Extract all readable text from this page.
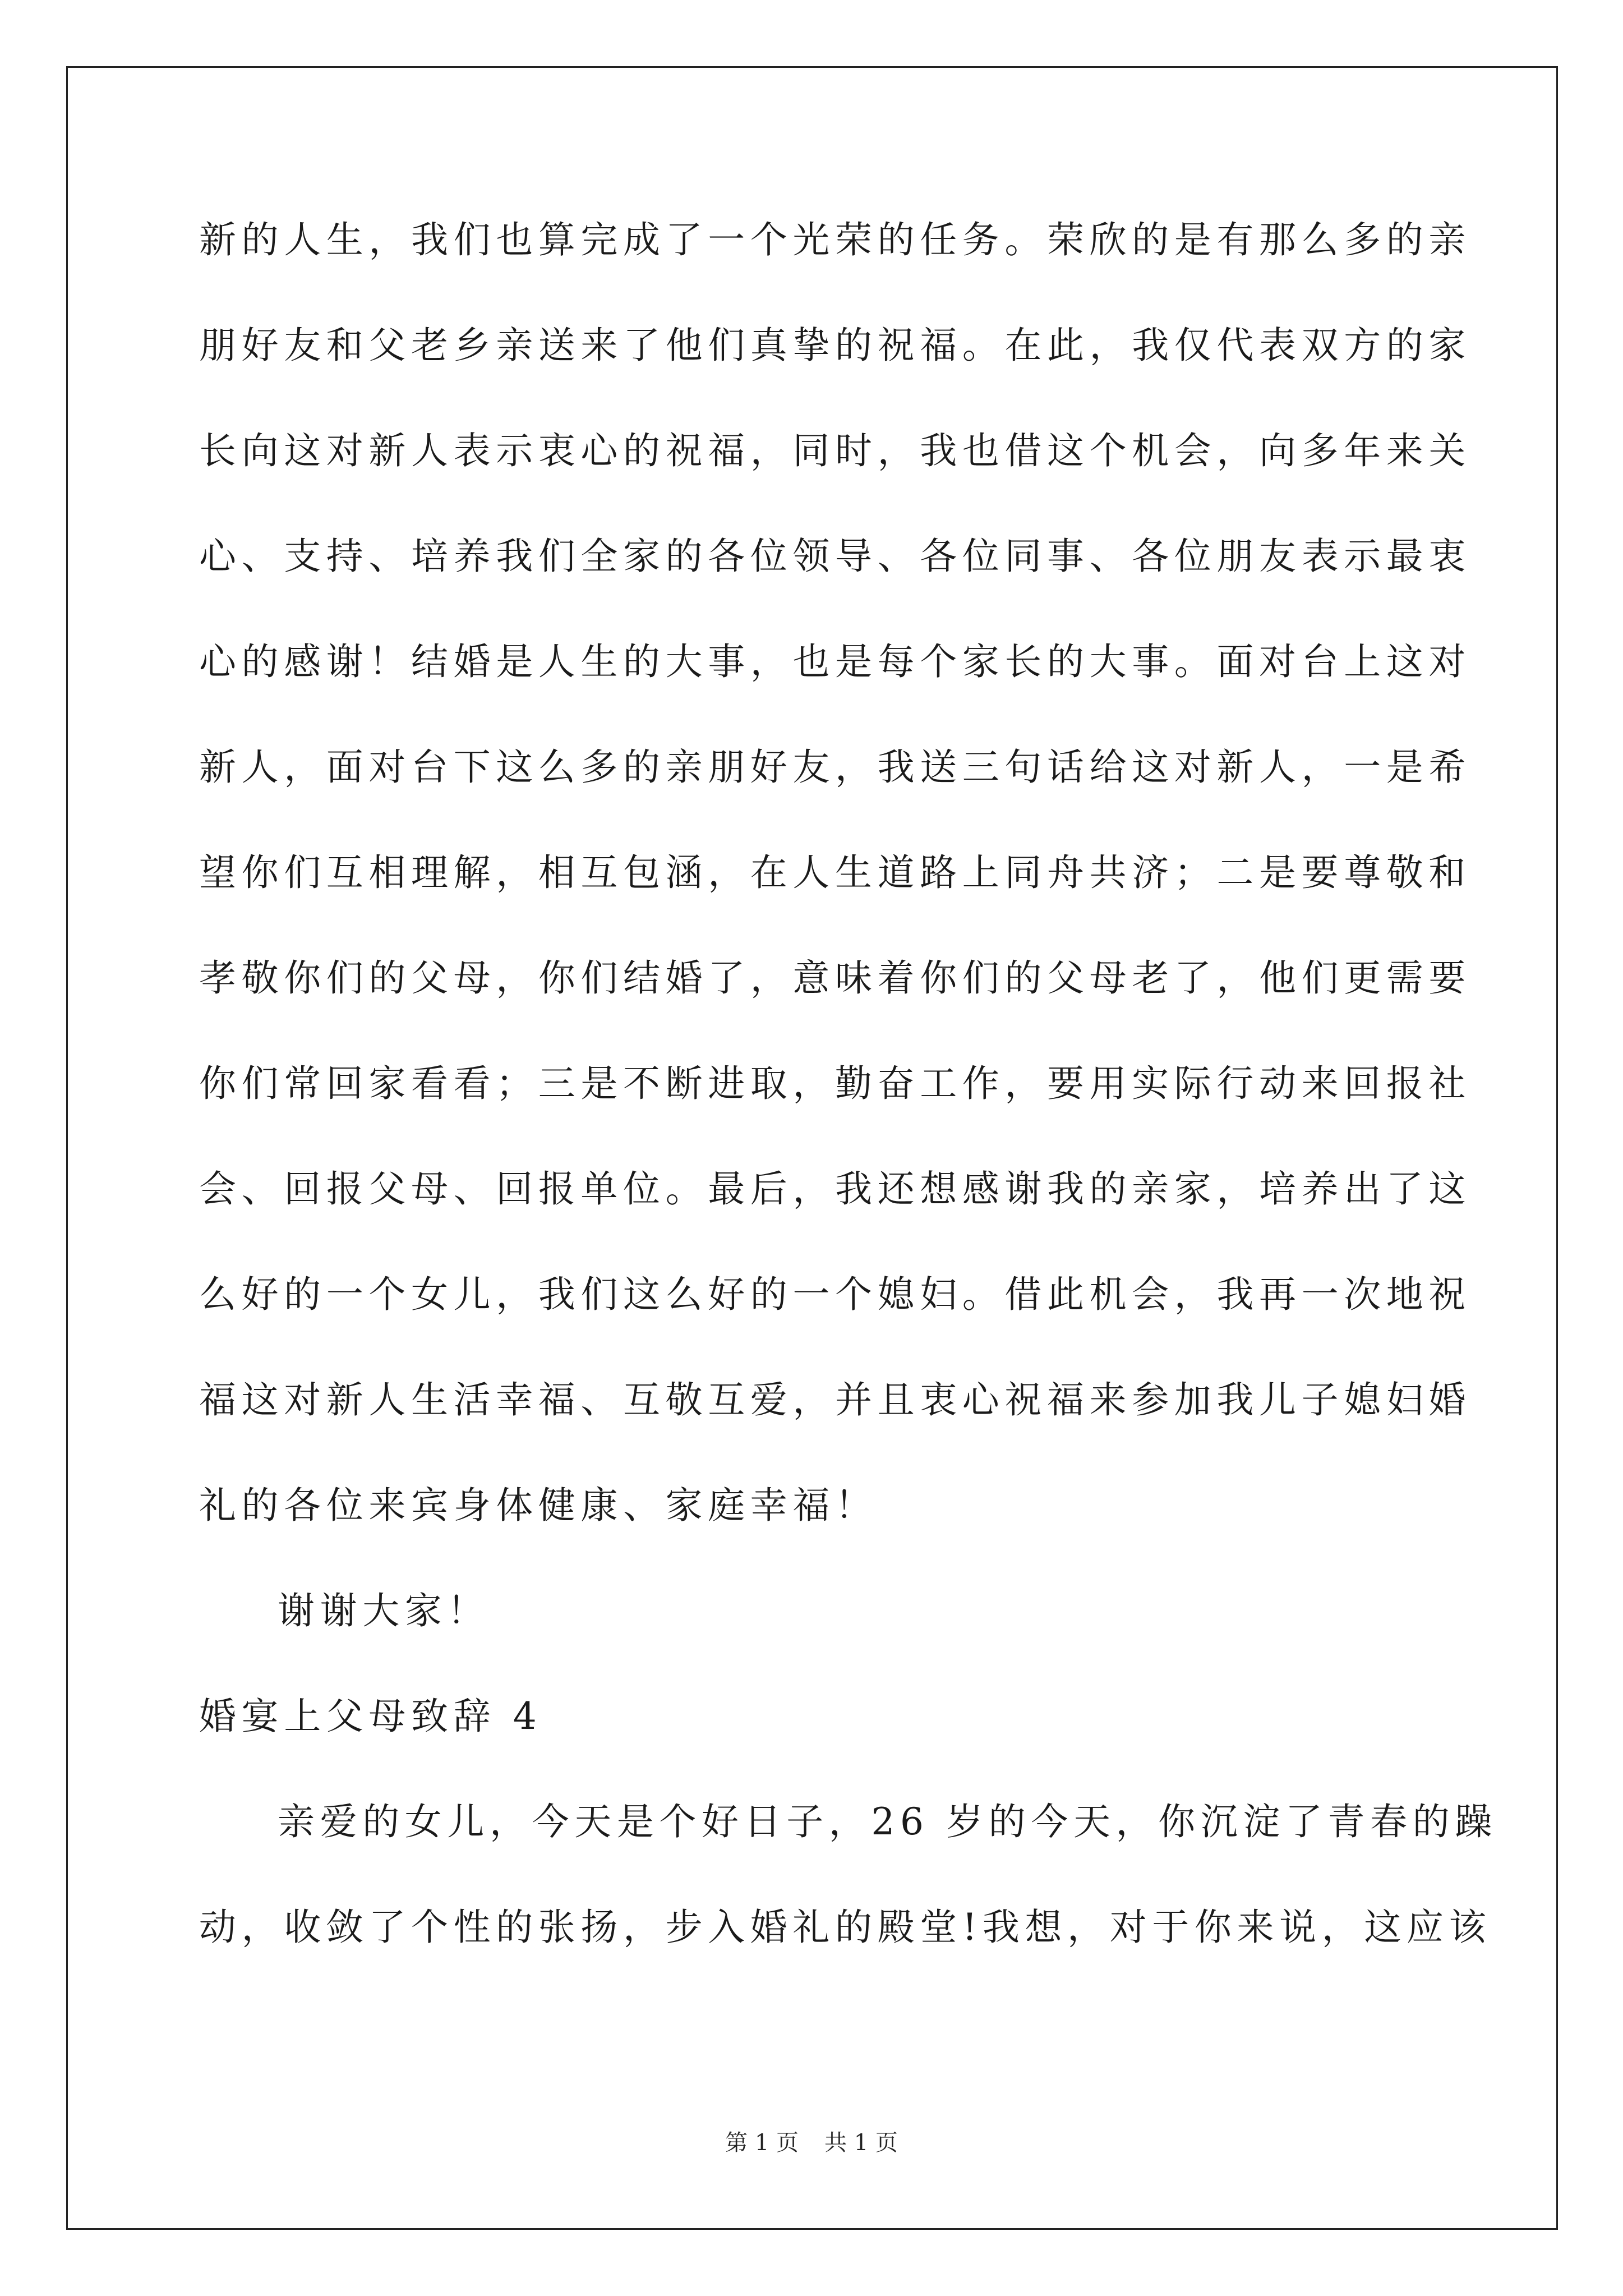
新的人生，我们也算完成了一个光荣的任务。荣欣的是有那么多的亲
朋好友和父老乡亲送来了他们真挚的祝福。在此，我仅代表双方的家
长向这对新人表示衷心的祝福，同时，我也借这个机会，向多年来关
心、支持、培养我们全家的各位领导、各位同事、各位朋友表示最衷
心的感谢！结婚是人生的大事，也是每个家长的大事。面对台上这对
新人，面对台下这么多的亲朋好友，我送三句话给这对新人，一是希
望你们互相理解，相互包涵，在人生道路上同舟共济；二是要尊敬和
孝敬你们的父母，你们结婚了，意味着你们的父母老了，他们更需要
你们常回家看看；三是不断进取，勤奋工作，要用实际行动来回报社
会、回报父母、回报单位。最后，我还想感谢我的亲家，培养出了这
么好的一个女儿，我们这么好的一个媳妇。借此机会，我再一次地祝
福这对新人生活幸福、互敬互爱，并且衷心祝福来参加我儿子媳妇婚
礼的各位来宾身体健康、家庭幸福！
谢谢大家！
婚宴上父母致辞 4
亲爱的女儿，今天是个好日子，26 岁的今天，你沉淀了青春的躁
动，收敛了个性的张扬，步入婚礼的殿堂!我想，对于你来说，这应该
第 1 页 共 1 页
